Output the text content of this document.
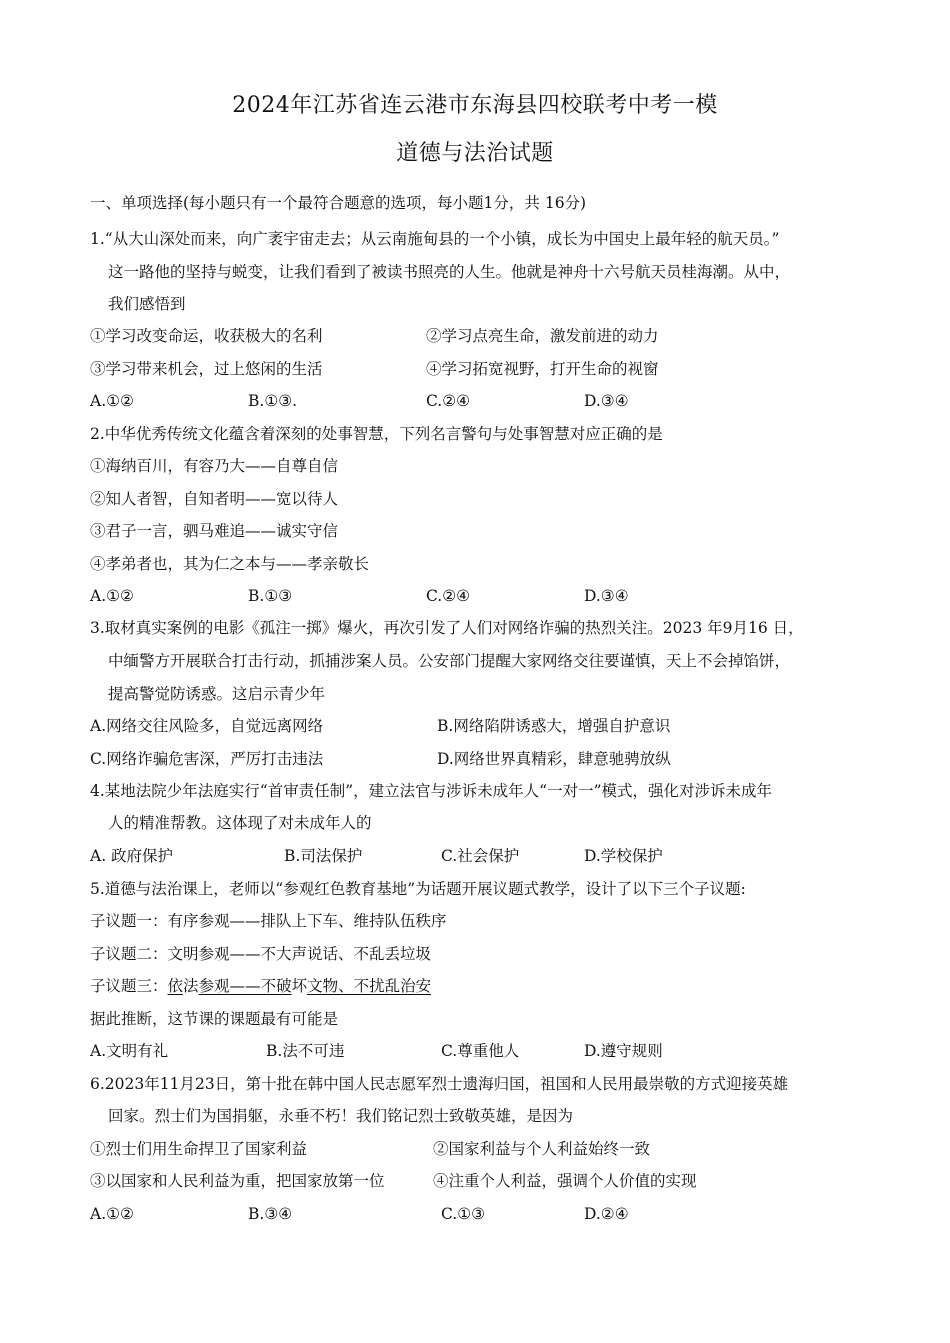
2024年江苏省连云港市东海县四校联考中考一模
道德与法治试题
一、单项选择(每小题只有一个最符合题意的选项，每小题1分，共 16分)
1.“从大山深处而来，向广袤宇宙走去；从云南施甸县的一个小镇，成长为中国史上最年轻的航天员。”
这一路他的坚持与蜕变，让我们看到了被读书照亮的人生。他就是神舟十六号航天员桂海潮。从中，
我们感悟到
①学习改变命运，收获极大的名利	②学习点亮生命，激发前进的动力
③学习带来机会，过上悠闲的生活	④学习拓宽视野，打开生命的视窗
A.①②	B.①③.	C.②④	D.③④
2.中华优秀传统文化蕴含着深刻的处事智慧，下列名言警句与处事智慧对应正确的是
①海纳百川，有容乃大——自尊自信
②知人者智，自知者明——宽以待人
③君子一言，驷马难追——诚实守信
④孝弟者也，其为仁之本与——孝亲敬长
A.①②	B.①③	C.②④	D.③④
3.取材真实案例的电影《孤注一掷》爆火，再次引发了人们对网络诈骗的热烈关注。2023 年9月16 日，
中缅警方开展联合打击行动，抓捕涉案人员。公安部门提醒大家网络交往要谨慎，天上不会掉馅饼，
提高警觉防诱惑。这启示青少年
A.网络交往风险多，自觉远离网络	B.网络陷阱诱惑大，增强自护意识
C.网络诈骗危害深，严厉打击违法	D.网络世界真精彩，肆意驰骋放纵
4.某地法院少年法庭实行“首审责任制”，建立法官与涉诉未成年人“一对一”模式，强化对涉诉未成年
人的精准帮教。这体现了对未成年人的
A. 政府保护	B.司法保护	C.社会保护	D.学校保护
5.道德与法治课上，老师以“参观红色教育基地”为话题开展议题式教学，设计了以下三个子议题:
子议题一：有序参观——排队上下车、维持队伍秩序
子议题二：文明参观——不大声说话、不乱丢垃圾
子议题三：依法参观——不破坏文物、不扰乱治安
据此推断，这节课的课题最有可能是
A.文明有礼	B.法不可违	C.尊重他人	D.遵守规则
6.2023年11月23日，第十批在韩中国人民志愿军烈士遗海归国，祖国和人民用最崇敬的方式迎接英雄
回家。烈士们为国捐躯，永垂不朽！我们铭记烈士致敬英雄，是因为
①烈士们用生命捍卫了国家利益	②国家利益与个人利益始终一致
③以国家和人民利益为重，把国家放第一位	④注重个人利益，强调个人价值的实现
A.①②	B.③④	C.①③	D.②④
